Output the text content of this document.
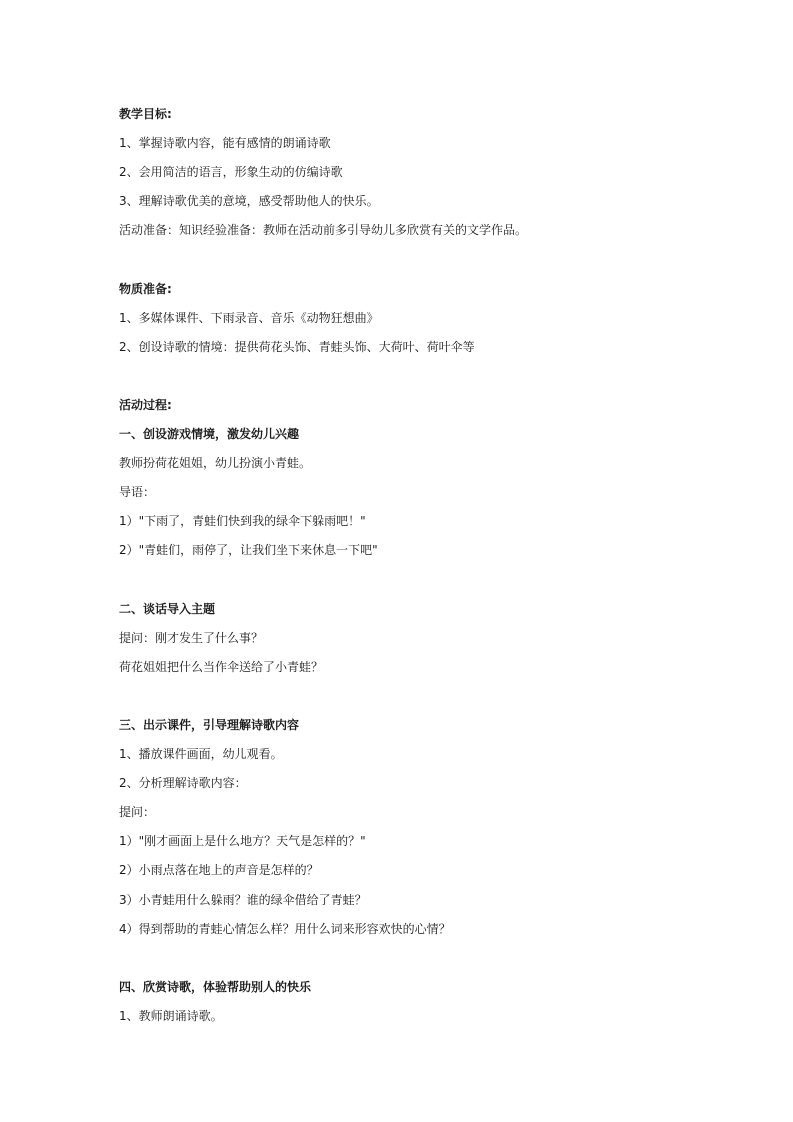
教学目标:
1、掌握诗歌内容，能有感情的朗诵诗歌
2、会用简洁的语言，形象生动的仿编诗歌
3、理解诗歌优美的意境，感受帮助他人的快乐。
活动准备：知识经验准备：教师在活动前多引导幼儿多欣赏有关的文学作品。
物质准备:
1、多媒体课件、下雨录音、音乐《动物狂想曲》
2、创设诗歌的情境：提供荷花头饰、青蛙头饰、大荷叶、荷叶伞等
活动过程:
一、创设游戏情境，激发幼儿兴趣
教师扮荷花姐姐，幼儿扮演小青蛙。
导语：
1）"下雨了，青蛙们快到我的绿伞下躲雨吧！"
2）"青蛙们，雨停了，让我们坐下来休息一下吧"
二、谈话导入主题
提问：刚才发生了什么事？
荷花姐姐把什么当作伞送给了小青蛙？
三、出示课件，引导理解诗歌内容
1、播放课件画面，幼儿观看。
2、分析理解诗歌内容：
提问：
1）"刚才画面上是什么地方？天气是怎样的？"
2）小雨点落在地上的声音是怎样的？
3）小青蛙用什么躲雨？谁的绿伞借给了青蛙？
4）得到帮助的青蛙心情怎么样？用什么词来形容欢快的心情？
四、欣赏诗歌，体验帮助别人的快乐
1、教师朗诵诗歌。
